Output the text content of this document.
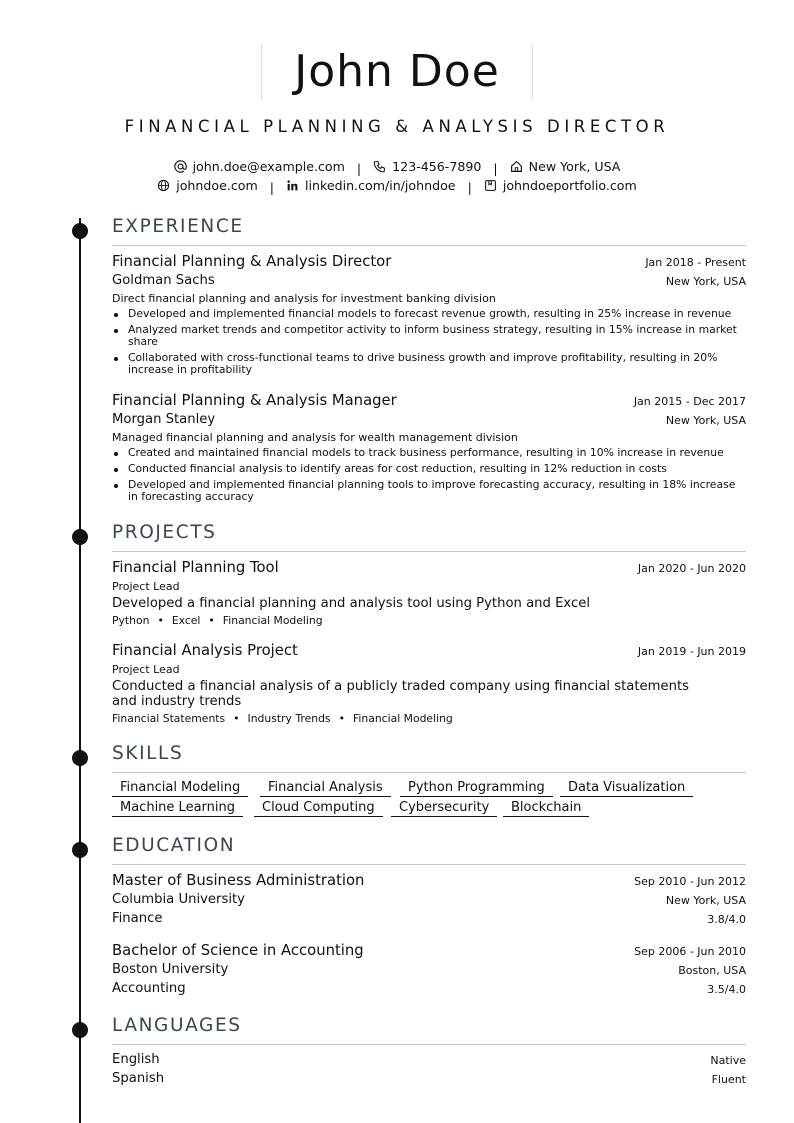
John Doe
FINANCIAL PLANNING & ANALYSIS DIRECTOR
john.doe@example.com | 123-456-7890 | New York, USA
johndoe.com | linkedin.com/in/johndoe | johndoeportfolio.com
EXPERIENCE
Financial Planning & Analysis Director	Jan 2018 - Present
Goldman Sachs	New York, USA
Direct financial planning and analysis for investment banking division
Developed and implemented financial models to forecast revenue growth, resulting in 25% increase in revenue
Analyzed market trends and competitor activity to inform business strategy, resulting in 15% increase in market share
Collaborated with cross-functional teams to drive business growth and improve profitability, resulting in 20% increase in profitability
Financial Planning & Analysis Manager	Jan 2015 - Dec 2017
Morgan Stanley	New York, USA
Managed financial planning and analysis for wealth management division
Created and maintained financial models to track business performance, resulting in 10% increase in revenue
Conducted financial analysis to identify areas for cost reduction, resulting in 12% reduction in costs
Developed and implemented financial planning tools to improve forecasting accuracy, resulting in 18% increase in forecasting accuracy
PROJECTS
Financial Planning Tool	Jan 2020 - Jun 2020
Project Lead
Developed a financial planning and analysis tool using Python and Excel
Python • Excel • Financial Modeling
Financial Analysis Project	Jan 2019 - Jun 2019
Project Lead
Conducted a financial analysis of a publicly traded company using financial statements and industry trends
Financial Statements • Industry Trends • Financial Modeling
SKILLS
Financial Modeling	Financial Analysis	Python Programming	Data Visualization
Machine Learning	Cloud Computing	Cybersecurity	Blockchain
EDUCATION
Master of Business Administration	Sep 2010 - Jun 2012
Columbia University	New York, USA
Finance	3.8/4.0
Bachelor of Science in Accounting	Sep 2006 - Jun 2010
Boston University	Boston, USA
Accounting	3.5/4.0
LANGUAGES
English	Native
Spanish	Fluent
